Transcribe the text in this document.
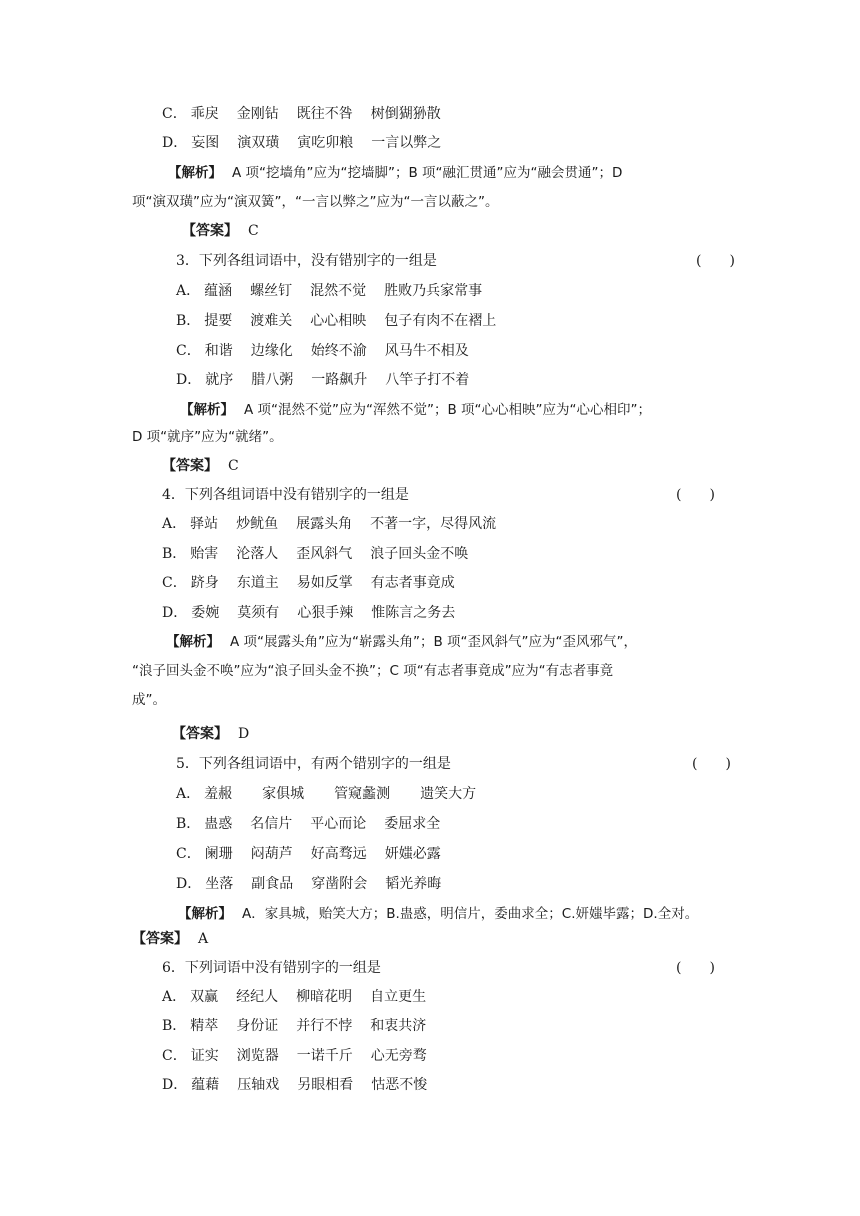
C． 乖戾 金刚钻 既往不咎 树倒猢狲散
D． 妄图 演双璜 寅吃卯粮 一言以弊之
【解析】 A 项“挖墙角”应为“挖墙脚”；B 项“融汇贯通”应为“融会贯通”；D
项“演双璜”应为“演双簧”，“一言以弊之”应为“一言以蔽之”。
【答案】 C
3．下列各组词语中，没有错别字的一组是	(　　)
A． 蕴涵 螺丝钉 混然不觉 胜败乃兵家常事
B． 提要 渡难关 心心相映 包子有肉不在褶上
C． 和谐 边缘化 始终不渝 风马牛不相及
D． 就序 腊八粥 一路飙升 八竿子打不着
【解析】 A 项“混然不觉”应为“浑然不觉”；B 项“心心相映”应为“心心相印”；
D 项“就序”应为“就绪”。
【答案】 C
4．下列各组词语中没有错别字的一组是	(　　)
A． 驿站 炒鱿鱼 展露头角 不著一字，尽得风流
B． 贻害 沦落人 歪风斜气 浪子回头金不唤
C． 跻身 东道主 易如反掌 有志者事竟成
D． 委婉 莫须有 心狠手辣 惟陈言之务去
【解析】 A 项“展露头角”应为“崭露头角”；B 项“歪风斜气”应为“歪风邪气”，
“浪子回头金不唤”应为“浪子回头金不换”；C 项“有志者事竟成”应为“有志者事竟
成”。
【答案】 D
5．下列各组词语中，有两个错别字的一组是	(　　)
A． 羞赧 家俱城 管窥蠡测 遗笑大方
B． 蛊惑 名信片 平心而论 委屈求全
C． 阑珊 闷葫芦 好高骛远 妍媸必露
D． 坐落 副食品 穿凿附会 韬光养晦
【解析】 A．家具城，贻笑大方；B.蛊惑，明信片，委曲求全；C.妍媸毕露；D.全对。
【答案】 A
6．下列词语中没有错别字的一组是	(　　)
A． 双赢 经纪人 柳暗花明 自立更生
B． 精萃 身份证 并行不悖 和衷共济
C． 证实 浏览器 一诺千斤 心无旁骛
D． 蕴藉 压轴戏 另眼相看 怙恶不悛
